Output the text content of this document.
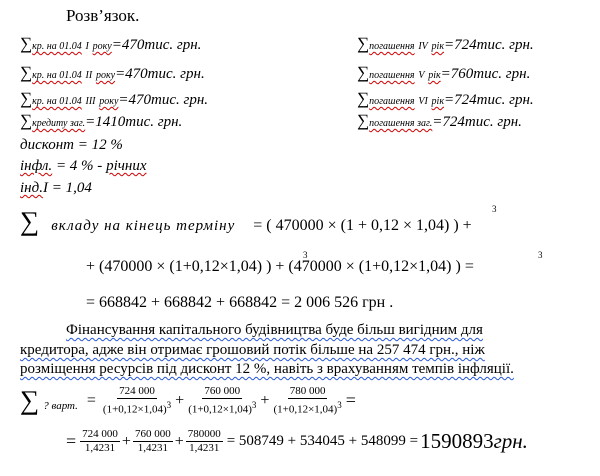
Розв’язок.
∑кр. на 01.04 I року=470тис. грн.
∑кр. на 01.04 II року=470тис. грн.
∑кр. на 01.04 III року=470тис. грн.
∑кредиту заг.=1410тис. грн.
∑погашення IV рік=724тис. грн.
∑погашення V рік=760тис. грн.
∑погашення VI рік=724тис. грн.
∑погашення заг.=724тис. грн.
дисконт = 12 %
інфл. = 4 % - річних
інд.I = 1,04
∑ вкладу на кінець терміну = ( 470000 × (1 + 0,12 × 1,04) ) +
3
+ (470000 × (1+0,12×1,04) ) + (470000 × (1+0,12×1,04) ) =
3	3
= 668842 + 668842 + 668842 = 2 006 526 грн .
Фінансування капітального будівництва буде більш вигідним для
кредитора, адже він отримає грошовий потік більше на 257 474 грн., ніж
розміщення ресурсів під дисконт 12 %, навіть з врахуванням темпів інфляції.
∑ ? варт. = $\frac{724 000}{(1+0,12\times 1,04)^3} + \frac{760 000}{(1+0,12\times 1,04)^3} + \frac{780 000}{(1+0,12\times 1,04)^3}$ =
= $\frac{724 000}{1,4231} + \frac{760 000}{1,4231} + \frac{780000}{1,4231} = 508749 + 534045 + 548099 = 1590893$ грн.
